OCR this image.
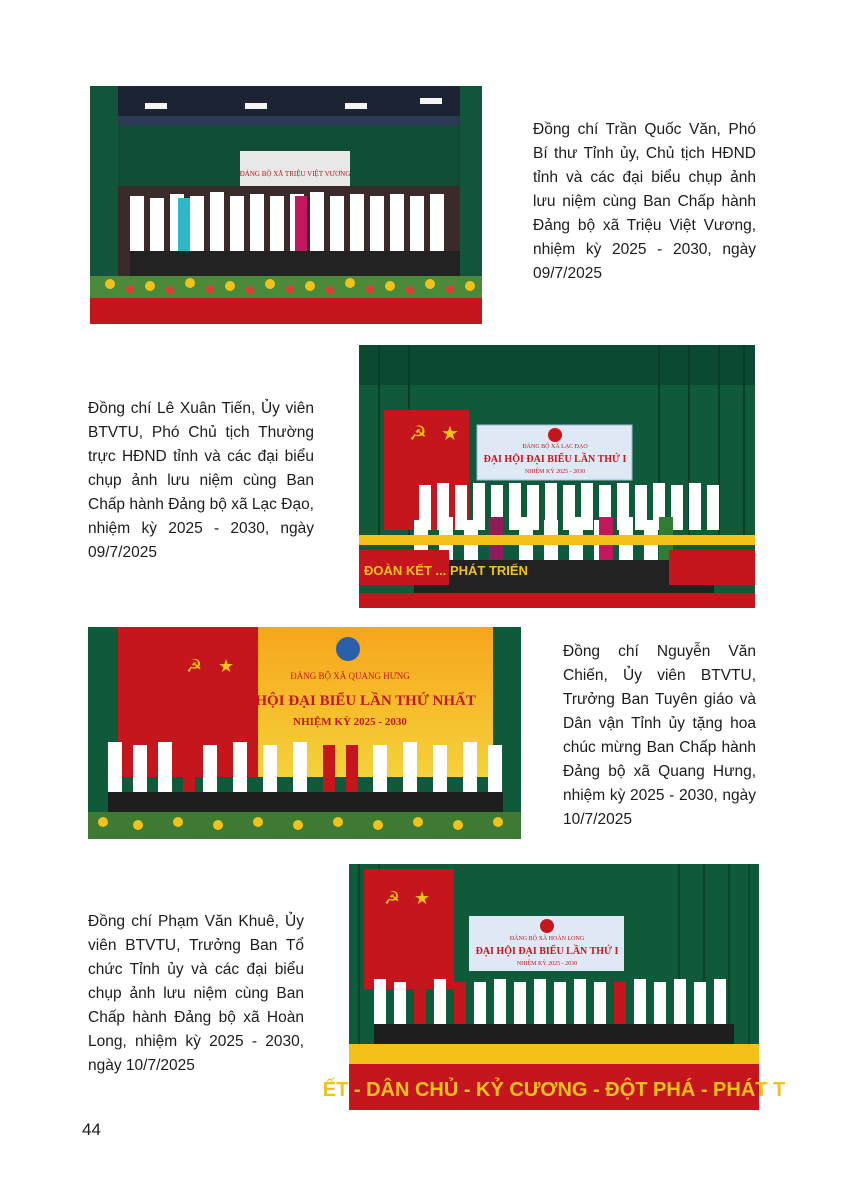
ĐẢNG BỘ XÃ TRIỆU VIỆT VƯƠNG
Đồng chí Trần Quốc Văn, Phó Bí thư Tỉnh ủy, Chủ tịch HĐND tỉnh và các đại biểu chụp ảnh lưu niệm cùng Ban Chấp hành Đảng bộ xã Triệu Việt Vương, nhiệm kỳ 2025 - 2030, ngày 09/7/2025
☭ ★
ĐẢNG BỘ XÃ LẠC ĐẠO
ĐẠI HỘI ĐẠI BIỂU LẦN THỨ I
NHIỆM KỲ 2025 - 2030
ĐOÀN KẾT ... PHÁT TRIỂN
Đồng chí Lê Xuân Tiến, Ủy viên BTVTU, Phó Chủ tịch Thường trực HĐND tỉnh và các đại biểu chụp ảnh lưu niệm cùng Ban Chấp hành Đảng bộ xã Lạc Đạo, nhiệm kỳ 2025 - 2030, ngày 09/7/2025
☭ ★	ĐẢNG BỘ XÃ QUANG HƯNG
ĐẠI HỘI ĐẠI BIỂU LẦN THỨ NHẤT
NHIỆM KỲ 2025 - 2030
Đồng chí Nguyễn Văn Chiến, Ủy viên BTVTU, Trưởng Ban Tuyên giáo và Dân vận Tỉnh ủy tặng hoa chúc mừng Ban Chấp hành Đảng bộ xã Quang Hưng, nhiệm kỳ 2025 - 2030, ngày 10/7/2025
☭ ★
ĐẢNG BỘ XÃ HOÀN LONG
ĐẠI HỘI ĐẠI BIỂU LẦN THỨ I
NHIỆM KỲ 2025 - 2030
ẾT - DÂN CHỦ - KỶ CƯƠNG - ĐỘT PHÁ - PHÁT T
Đồng chí Phạm Văn Khuê, Ủy viên BTVTU, Trưởng Ban Tổ chức Tỉnh ủy và các đại biểu chụp ảnh lưu niệm cùng Ban Chấp hành Đảng bộ xã Hoàn Long, nhiệm kỳ 2025 - 2030, ngày 10/7/2025
44
